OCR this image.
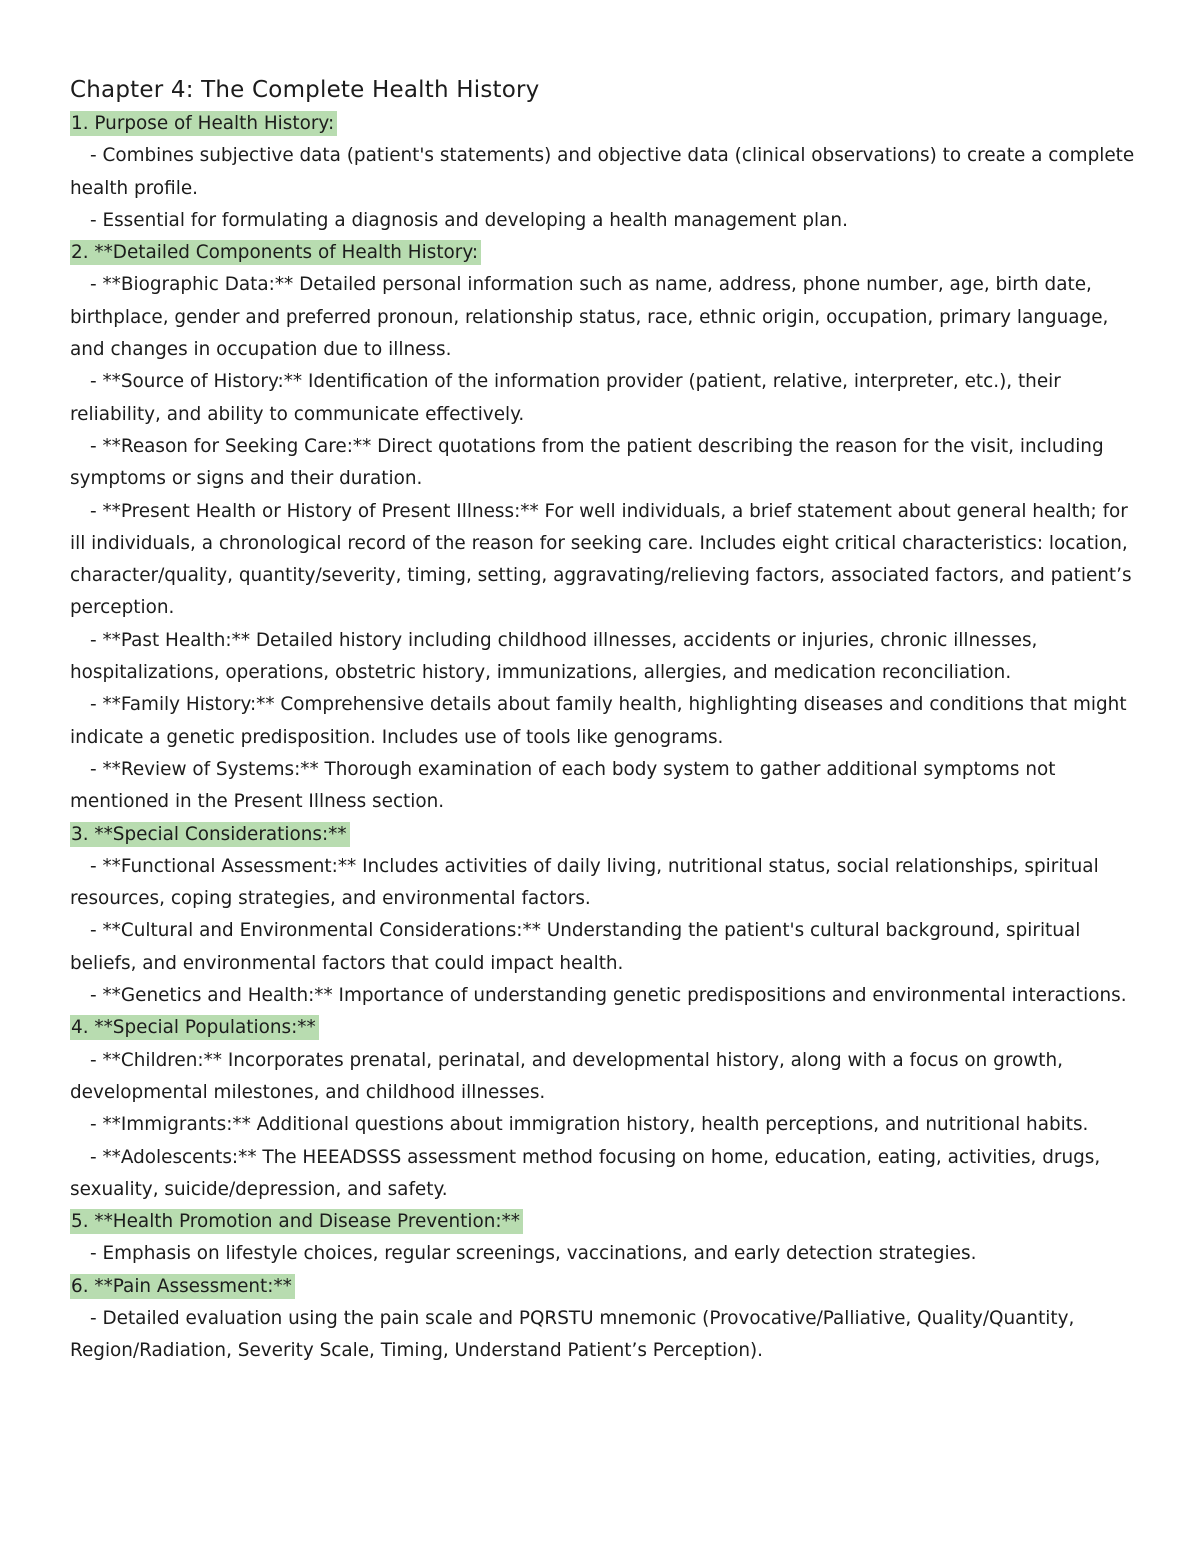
Chapter 4: The Complete Health History

1. Purpose of Health History:

- Combines subjective data (patient's statements) and objective data (clinical observations) to create a complete health profile.

- Essential for formulating a diagnosis and developing a health management plan.

2. **Detailed Components of Health History:

- **Biographic Data:** Detailed personal information such as name, address, phone number, age, birth date, birthplace, gender and preferred pronoun, relationship status, race, ethnic origin, occupation, primary language, and changes in occupation due to illness.

- **Source of History:** Identification of the information provider (patient, relative, interpreter, etc.), their reliability, and ability to communicate effectively.

- **Reason for Seeking Care:** Direct quotations from the patient describing the reason for the visit, including symptoms or signs and their duration.

- **Present Health or History of Present Illness:** For well individuals, a brief statement about general health; for ill individuals, a chronological record of the reason for seeking care. Includes eight critical characteristics: location, character/quality, quantity/severity, timing, setting, aggravating/relieving factors, associated factors, and patient’s perception.

- **Past Health:** Detailed history including childhood illnesses, accidents or injuries, chronic illnesses, hospitalizations, operations, obstetric history, immunizations, allergies, and medication reconciliation.

- **Family History:** Comprehensive details about family health, highlighting diseases and conditions that might indicate a genetic predisposition. Includes use of tools like genograms.

- **Review of Systems:** Thorough examination of each body system to gather additional symptoms not mentioned in the Present Illness section.

3. **Special Considerations:**

- **Functional Assessment:** Includes activities of daily living, nutritional status, social relationships, spiritual resources, coping strategies, and environmental factors.

- **Cultural and Environmental Considerations:** Understanding the patient's cultural background, spiritual beliefs, and environmental factors that could impact health.

- **Genetics and Health:** Importance of understanding genetic predispositions and environmental interactions.

4. **Special Populations:**

- **Children:** Incorporates prenatal, perinatal, and developmental history, along with a focus on growth, developmental milestones, and childhood illnesses.

- **Immigrants:** Additional questions about immigration history, health perceptions, and nutritional habits.

- **Adolescents:** The HEEADSSS assessment method focusing on home, education, eating, activities, drugs, sexuality, suicide/depression, and safety.

5. **Health Promotion and Disease Prevention:**

- Emphasis on lifestyle choices, regular screenings, vaccinations, and early detection strategies.

6. **Pain Assessment:**

- Detailed evaluation using the pain scale and PQRSTU mnemonic (Provocative/Palliative, Quality/Quantity, Region/Radiation, Severity Scale, Timing, Understand Patient’s Perception).
